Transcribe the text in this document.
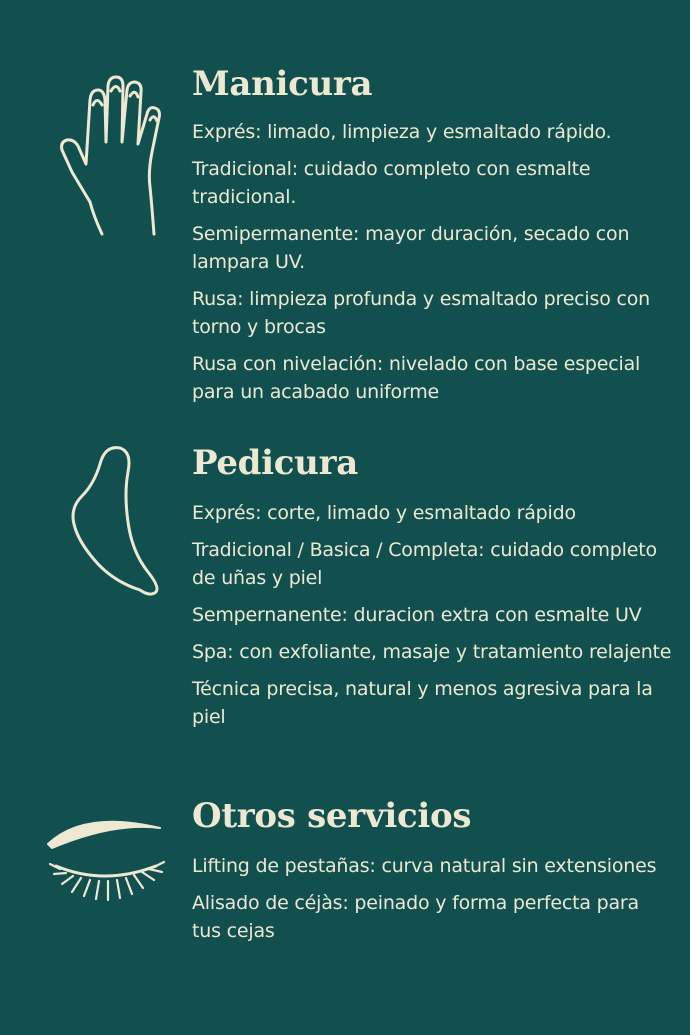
Manicura
Exprés: limado, limpieza y esmaltado rápido.
Tradicional: cuidado completo con esmalte tradicional.
Semipermanente: mayor duración, secado con lampara UV.
Rusa: limpieza profunda y esmaltado preciso con torno y brocas
Rusa con nivelación: nivelado con base especial para un acabado uniforme
Pedicura
Exprés: corte, limado y esmaltado rápido
Tradicional / Basica / Completa: cuidado completo de uñas y piel
Sempernanente: duracion extra con esmalte UV
Spa: con exfoliante, masaje y tratamiento relajente
Técnica precisa, natural y menos agresiva para la piel
Otros servicios
Lifting de pestañas: curva natural sin extensiones
Alisado de céjàs: peinado y forma perfecta para tus cejas
